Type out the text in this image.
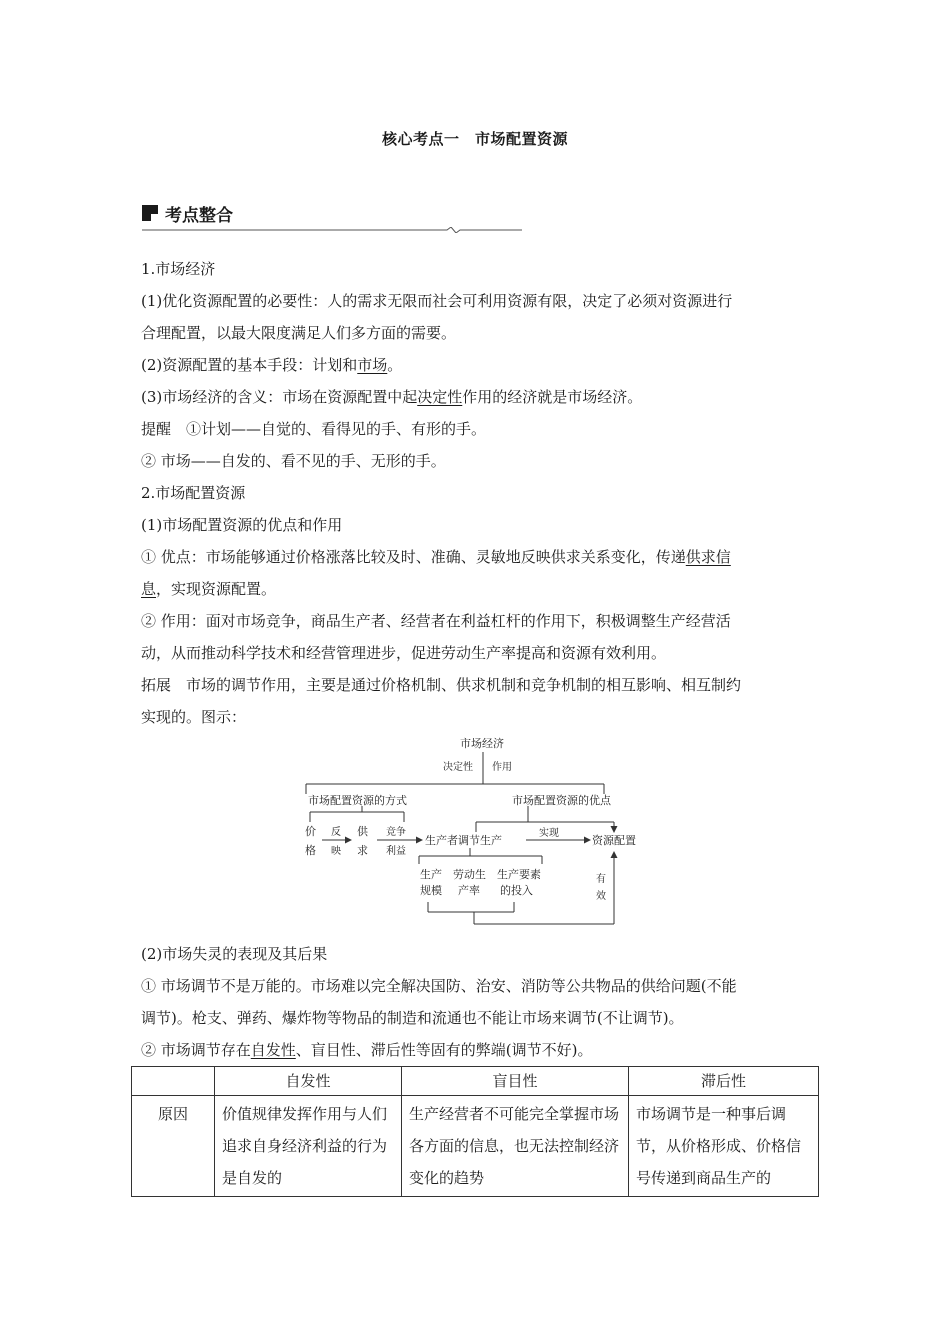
核心考点一　市场配置资源
考点整合
1.市场经济
(1)优化资源配置的必要性：人的需求无限而社会可利用资源有限，决定了必须对资源进行
合理配置，以最大限度满足人们多方面的需要。
(2)资源配置的基本手段：计划和市场。
(3)市场经济的含义：市场在资源配置中起决定性作用的经济就是市场经济。
提醒　①计划——自觉的、看得见的手、有形的手。
② 市场——自发的、看不见的手、无形的手。
2.市场配置资源
(1)市场配置资源的优点和作用
① 优点：市场能够通过价格涨落比较及时、准确、灵敏地反映供求关系变化，传递供求信
息，实现资源配置。
② 作用：面对市场竞争，商品生产者、经营者在利益杠杆的作用下，积极调整生产经营活
动，从而推动科学技术和经营管理进步，促进劳动生产率提高和资源有效利用。
拓展　市场的调节作用，主要是通过价格机制、供求机制和竞争机制的相互影响、相互制约
实现的。图示：
市场经济
决定性 作用
市场配置资源的方式	市场配置资源的优点
价
格
反
映
供
求
竞争
利益
生产者调节生产
实现
资源配置
生产
规模
劳动生
产率
生产要素
的投入
有
效
(2)市场失灵的表现及其后果
① 市场调节不是万能的。市场难以完全解决国防、治安、消防等公共物品的供给问题(不能
调节)。枪支、弹药、爆炸物等物品的制造和流通也不能让市场来调节(不让调节)。
② 市场调节存在自发性、盲目性、滞后性等固有的弊端(调节不好)。
	自发性	盲目性	滞后性
原因	价值规律发挥作用与人们追求自身经济利益的行为是自发的	生产经营者不可能完全掌握市场各方面的信息，也无法控制经济变化的趋势	市场调节是一种事后调节，从价格形成、价格信号传递到商品生产的
